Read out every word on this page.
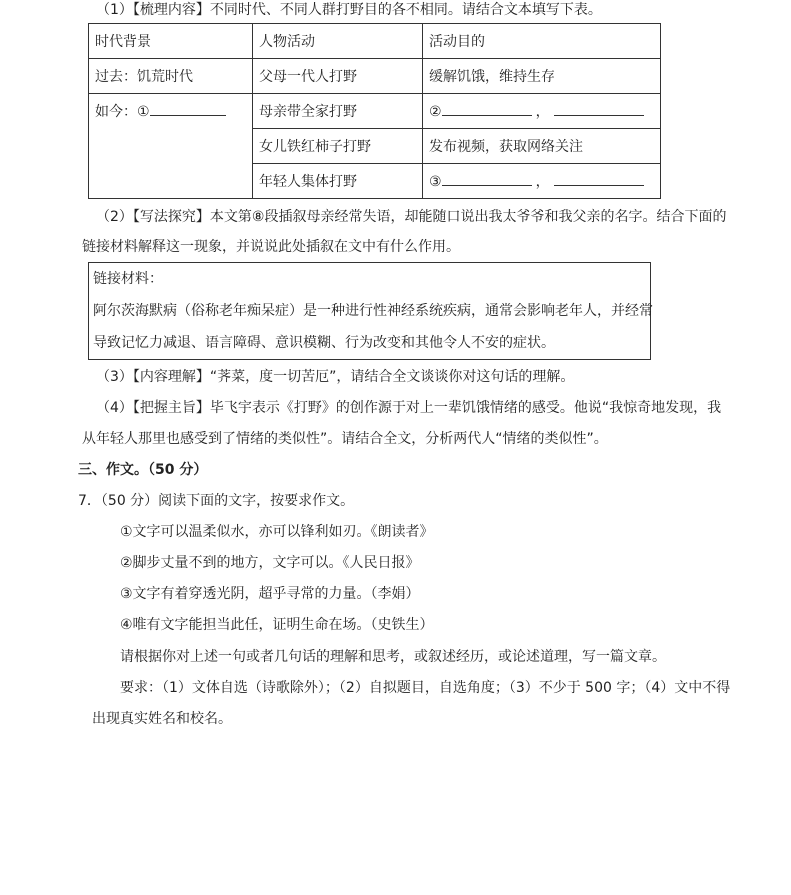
（1）【梳理内容】不同时代、不同人群打野目的各不相同。请结合文本填写下表。
时代背景	人物活动	活动目的
过去：饥荒时代	父母一代人打野	缓解饥饿，维持生存
如今：①	母亲带全家打野	② ，
	女儿铁红柿子打野	发布视频，获取网络关注
	年轻人集体打野	③ ，
（2）【写法探究】本文第⑧段插叙母亲经常失语，却能随口说出我太爷爷和我父亲的名字。结合下面的
链接材料解释这一现象，并说说此处插叙在文中有什么作用。
链接材料：
阿尔茨海默病（俗称老年痴呆症）是一种进行性神经系统疾病，通常会影响老年人，并经常
导致记忆力减退、语言障碍、意识模糊、行为改变和其他令人不安的症状。
（3）【内容理解】“荠菜，度一切苦厄”，请结合全文谈谈你对这句话的理解。
（4）【把握主旨】毕飞宇表示《打野》的创作源于对上一辈饥饿情绪的感受。他说“我惊奇地发现，我
从年轻人那里也感受到了情绪的类似性”。请结合全文，分析两代人“情绪的类似性”。
三、作文。（50 分）
7．（50 分）阅读下面的文字，按要求作文。
①文字可以温柔似水，亦可以锋利如刃。《朗读者》
②脚步丈量不到的地方，文字可以。《人民日报》
③文字有着穿透光阴，超乎寻常的力量。（李娟）
④唯有文字能担当此任，证明生命在场。（史铁生）
请根据你对上述一句或者几句话的理解和思考，或叙述经历，或论述道理，写一篇文章。
要求：（1）文体自选（诗歌除外）；（2）自拟题目，自选角度；（3）不少于 500 字；（4）文中不得
出现真实姓名和校名。
